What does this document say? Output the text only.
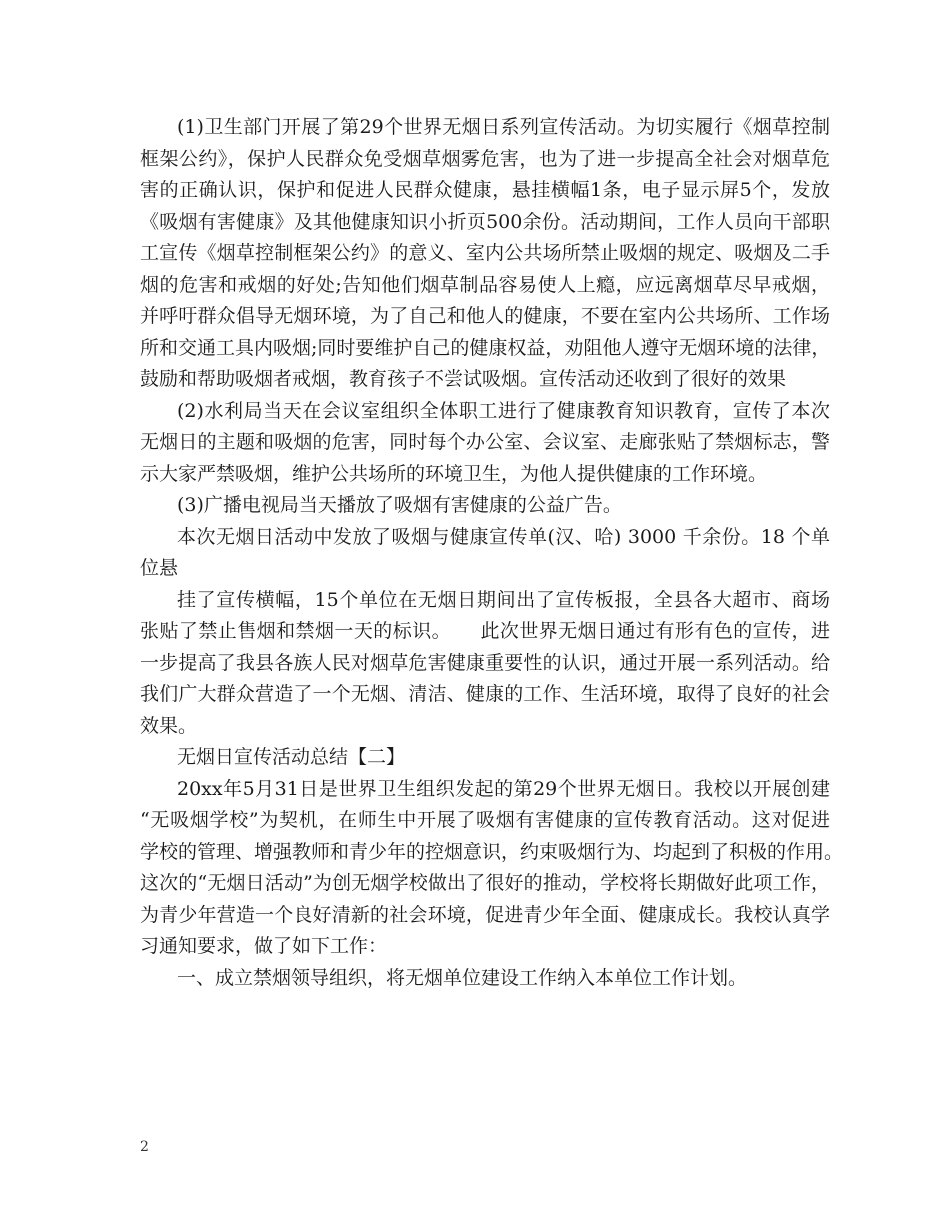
(1)卫生部门开展了第29个世界无烟日系列宣传活动。为切实履行《烟草控制
框架公约》，保护人民群众免受烟草烟雾危害，也为了进一步提高全社会对烟草危
害的正确认识，保护和促进人民群众健康，悬挂横幅1条，电子显示屏5个，发放
《吸烟有害健康》及其他健康知识小折页500余份。活动期间，工作人员向干部职
工宣传《烟草控制框架公约》的意义、室内公共场所禁止吸烟的规定、吸烟及二手
烟的危害和戒烟的好处;告知他们烟草制品容易使人上瘾，应远离烟草尽早戒烟，
并呼吁群众倡导无烟环境，为了自己和他人的健康，不要在室内公共场所、工作场
所和交通工具内吸烟;同时要维护自己的健康权益，劝阻他人遵守无烟环境的法律，
鼓励和帮助吸烟者戒烟，教育孩子不尝试吸烟。宣传活动还收到了很好的效果
(2)水利局当天在会议室组织全体职工进行了健康教育知识教育，宣传了本次
无烟日的主题和吸烟的危害，同时每个办公室、会议室、走廊张贴了禁烟标志，警
示大家严禁吸烟，维护公共场所的环境卫生，为他人提供健康的工作环境。
(3)广播电视局当天播放了吸烟有害健康的公益广告。
本次无烟日活动中发放了吸烟与健康宣传单(汉、哈) 3000 千余份。18 个单
位悬
挂了宣传横幅，15个单位在无烟日期间出了宣传板报，全县各大超市、商场
张贴了禁止售烟和禁烟一天的标识。　　此次世界无烟日通过有形有色的宣传，进
一步提高了我县各族人民对烟草危害健康重要性的认识，通过开展一系列活动。给
我们广大群众营造了一个无烟、清洁、健康的工作、生活环境，取得了良好的社会
效果。
无烟日宣传活动总结【二】
20xx年5月31日是世界卫生组织发起的第29个世界无烟日。我校以开展创建
“无吸烟学校”为契机，在师生中开展了吸烟有害健康的宣传教育活动。这对促进
学校的管理、增强教师和青少年的控烟意识，约束吸烟行为、均起到了积极的作用。
这次的“无烟日活动”为创无烟学校做出了很好的推动，学校将长期做好此项工作，
为青少年营造一个良好清新的社会环境，促进青少年全面、健康成长。我校认真学
习通知要求，做了如下工作：
一、成立禁烟领导组织，将无烟单位建设工作纳入本单位工作计划。
2
